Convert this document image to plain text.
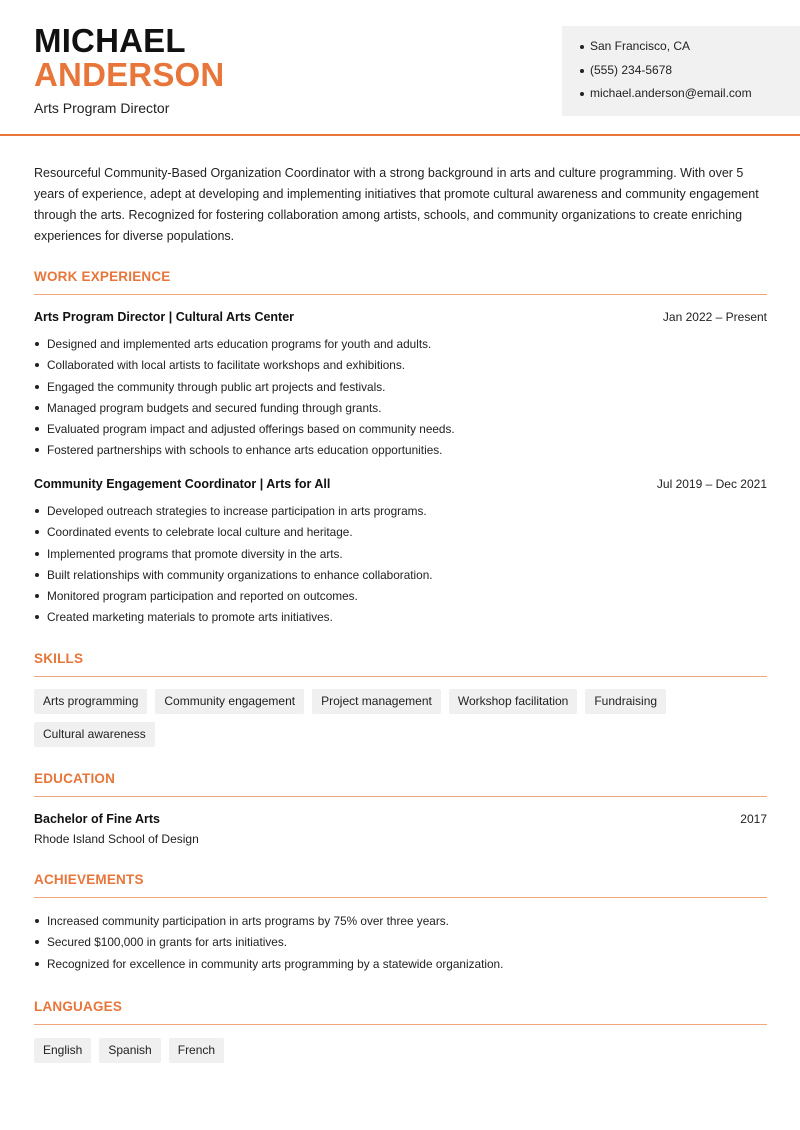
MICHAEL
ANDERSON
Arts Program Director
San Francisco, CA
(555) 234-5678
michael.anderson@email.com

Resourceful Community-Based Organization Coordinator with a strong background in arts and culture programming. With over 5 years of experience, adept at developing and implementing initiatives that promote cultural awareness and community engagement through the arts. Recognized for fostering collaboration among artists, schools, and community organizations to create enriching experiences for diverse populations.

WORK EXPERIENCE
Arts Program Director | Cultural Arts Center	Jan 2022 – Present
Designed and implemented arts education programs for youth and adults.
Collaborated with local artists to facilitate workshops and exhibitions.
Engaged the community through public art projects and festivals.
Managed program budgets and secured funding through grants.
Evaluated program impact and adjusted offerings based on community needs.
Fostered partnerships with schools to enhance arts education opportunities.
Community Engagement Coordinator | Arts for All	Jul 2019 – Dec 2021
Developed outreach strategies to increase participation in arts programs.
Coordinated events to celebrate local culture and heritage.
Implemented programs that promote diversity in the arts.
Built relationships with community organizations to enhance collaboration.
Monitored program participation and reported on outcomes.
Created marketing materials to promote arts initiatives.
SKILLS
Arts programming	Community engagement	Project management	Workshop facilitation	Fundraising
Cultural awareness
EDUCATION
Bachelor of Fine Arts	2017
Rhode Island School of Design
ACHIEVEMENTS
Increased community participation in arts programs by 75% over three years.
Secured $100,000 in grants for arts initiatives.
Recognized for excellence in community arts programming by a statewide organization.
LANGUAGES
English	Spanish	French
